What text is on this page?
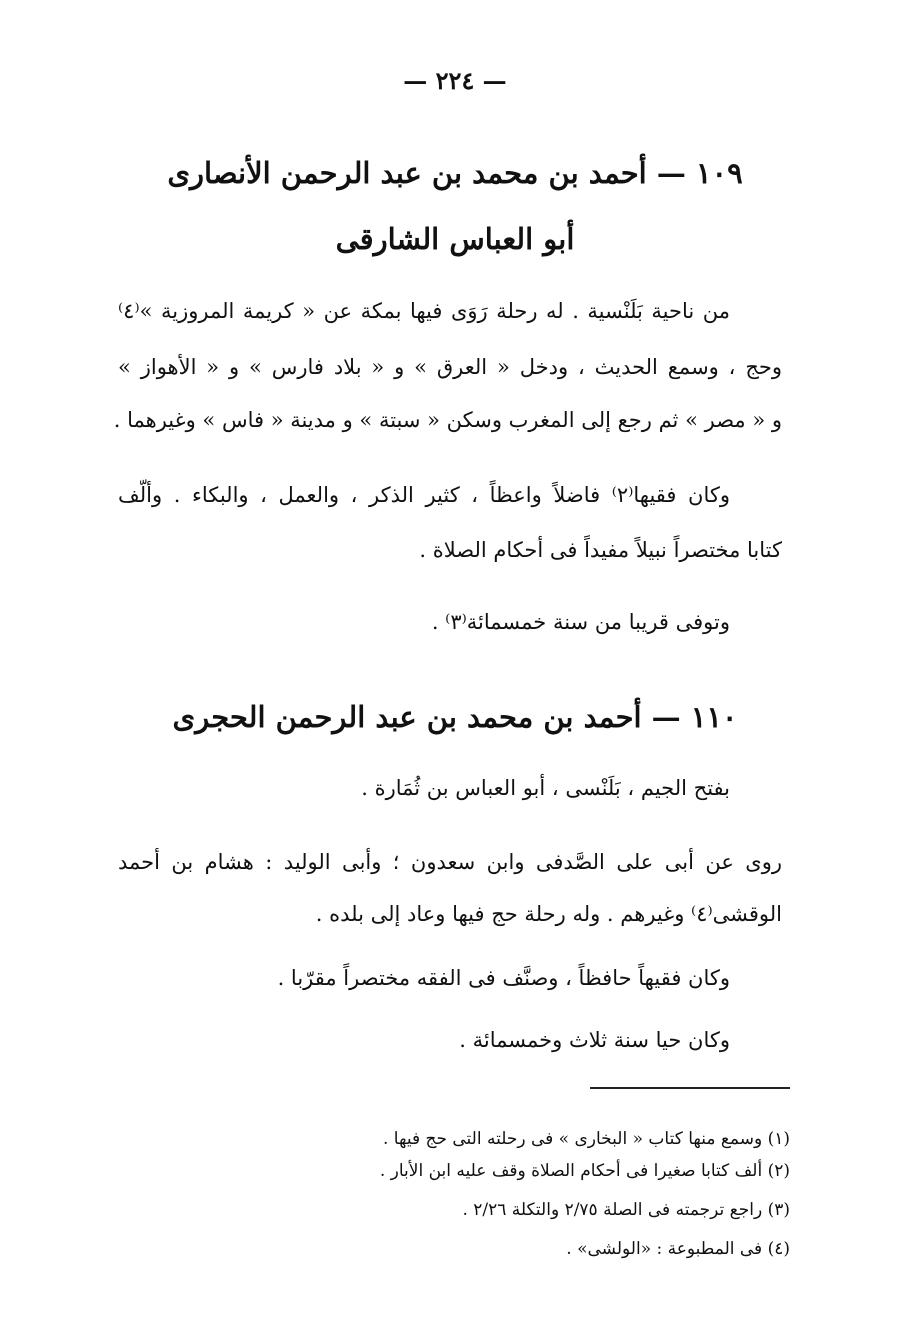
— ٢٢٤ —
١٠٩ — أحمد بن محمد بن عبد الرحمن الأنصارى
أبو العباس الشارقى
من ناحية بَلَنْسية . له رحلة رَوَى فيها بمكة عن « كريمة المروزية »⁽٤⁾
وحج ، وسمع الحديث ، ودخل « العرق » و « بلاد فارس » و « الأهواز »
و « مصر » ثم رجع إلى المغرب وسكن « سبتة » و مدينة « فاس » وغيرهما .
وكان فقيها⁽٢⁾ فاضلاً واعظاً ، كثير الذكر ، والعمل ، والبكاء . وألّف
كتابا مختصراً نبيلاً مفيداً فى أحكام الصلاة .
وتوفى قريبا من سنة خمسمائة⁽٣⁾ .
١١٠ — أحمد بن محمد بن عبد الرحمن الحجرى
بفتح الجيم ، بَلَنْسى ، أبو العباس بن ثُمَارة .
روى عن أبى على الصَّدفى وابن سعدون ؛ وأبى الوليد : هشام بن أحمد
الوقشى⁽٤⁾ وغيرهم . وله رحلة حج فيها وعاد إلى بلده .
وكان فقيهاً حافظاً ، وصنَّف فى الفقه مختصراً مقرّبا .
وكان حيا سنة ثلاث وخمسمائة .
(١) وسمع منها كتاب « البخارى » فى رحلته التى حج فيها .
(٢) ألف كتابا صغيرا فى أحكام الصلاة وقف عليه ابن الأبار .
(٣) راجع ترجمته فى الصلة ٢/٧٥ والتكلة ٢/٢٦ .
(٤) فى المطبوعة : «الولشى» .
